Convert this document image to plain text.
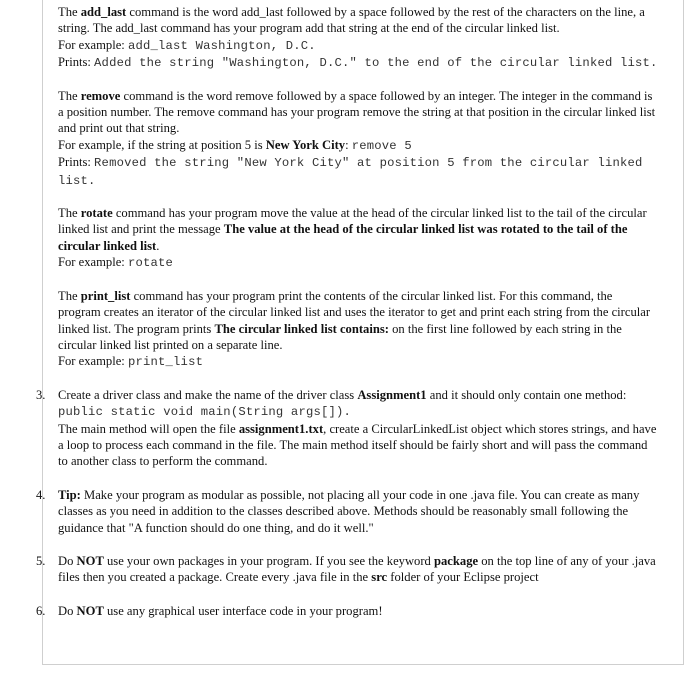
The add_last command is the word add_last followed by a space followed by the rest of the characters on the line, a string. The add_last command has your program add that string at the end of the circular linked list.

For example: add_last Washington, D.C.

Prints: Added the string "Washington, D.C." to the end of the circular linked list.

The remove command is the word remove followed by a space followed by an integer. The integer in the command is a position number. The remove command has your program remove the string at that position in the circular linked list and print out that string.

For example, if the string at position 5 is New York City: remove 5

Prints: Removed the string "New York City" at position 5 from the circular linked list.

The rotate command has your program move the value at the head of the circular linked list to the tail of the circular linked list and print the message The value at the head of the circular linked list was rotated to the tail of the circular linked list.

For example: rotate

The print_list command has your program print the contents of the circular linked list. For this command, the program creates an iterator of the circular linked list and uses the iterator to get and print each string from the circular linked list. The program prints The circular linked list contains: on the first line followed by each string in the circular linked list printed on a separate line.

For example: print_list

3. Create a driver class and make the name of the driver class Assignment1 and it should only contain one method:

public static void main(String args[]).

The main method will open the file assignment1.txt, create a CircularLinkedList object which stores strings, and have a loop to process each command in the file. The main method itself should be fairly short and will pass the command to another class to perform the command.

4. Tip: Make your program as modular as possible, not placing all your code in one .java file. You can create as many classes as you need in addition to the classes described above. Methods should be reasonably small following the guidance that "A function should do one thing, and do it well."

5. Do NOT use your own packages in your program. If you see the keyword package on the top line of any of your .java files then you created a package. Create every .java file in the src folder of your Eclipse project

6. Do NOT use any graphical user interface code in your program!
